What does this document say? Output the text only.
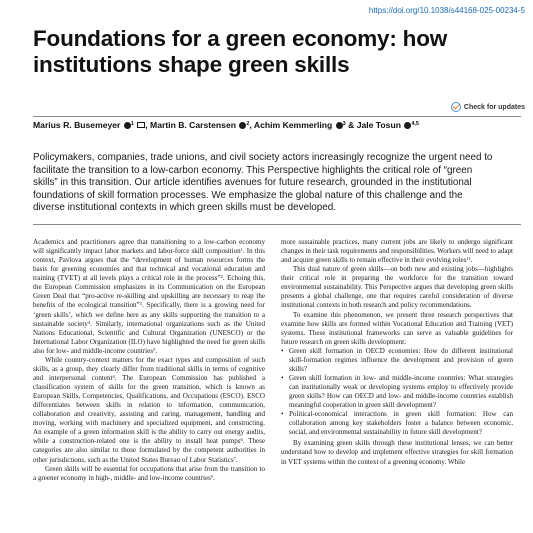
https://doi.org/10.1038/s44168-025-00234-5
Foundations for a green economy: how institutions shape green skills
Check for updates
Marius R. Busemeyer $^1$ , Martin B. Carstensen $^2$, Achim Kemmerling $^3$ & Jale Tosun $^{4,5}$

Policymakers, companies, trade unions, and civil society actors increasingly recognize the urgent need to facilitate the transition to a low-carbon economy. This Perspective highlights the critical role of “green skills” in this transition. Our article identifies avenues for future research, grounded in the institutional foundations of skill formation processes. We emphasize the global nature of this challenge and the diverse institutional contexts in which green skills must be developed.

Academics and practitioners agree that transitioning to a low-carbon economy will significantly impact labor markets and labor-force skill composition$^1$. In this context, Pavlova argues that the “development of human resources forms the basis for greening economies and that technical and vocational education and training (TVET) at all levels plays a critical role in the process”$^2$. Echoing this, the European Commission emphasizes in its Communication on the European Green Deal that “pro-active re-skilling and upskilling are necessary to reap the benefits of the ecological transition”$^3$. Specifically, there is a growing need for ‘green skills’, which we define here as any skills supporting the transition to a sustainable society$^4$. Similarly, international organizations such as the United Nations Educational, Scientific and Cultural Organization (UNESCO) or the International Labor Organization (ILO) have highlighted the need for green skills also for low- and middle-income countries$^5$.

While country-context matters for the exact types and composition of such skills, as a group, they clearly differ from traditional skills in terms of cognitive and interpersonal content$^4$. The European Commission has published a classification system of skills for the green transition, which is known as European Skills, Competencies, Qualifications, and Occupations (ESCO). ESCO differentiates between skills in relation to information, communication, collaboration and creativity, assisting and caring, management, handling and moving, working with machinery and specialized equipment, and constructing. An example of a green information skill is the ability to carry out energy audits, while a construction-related one is the ability to install heat pumps$^6$. These categories are also similar to those formulated by the competent authorities in other jurisdictions, such as the United States Bureau of Labor Statistics$^7$.

Green skills will be essential for occupations that arise from the transition to a greener economy in high-, middle- and low-income countries$^5$.

more sustainable practices, many current jobs are likely to undergo significant changes in their task requirements and responsibilities. Workers will need to adapt and acquire green skills to remain effective in their evolving roles$^{11}$.

This dual nature of green skills—on both new and existing jobs—highlights their critical role in preparing the workforce for the transition toward environmental sustainability. This Perspective argues that developing green skills presents a global challenge, one that requires careful consideration of diverse institutional contexts in both research and policy recommendations.

To examine this phenomenon, we present three research perspectives that examine how skills are formed within Vocational Education and Training (VET) systems. These institutional frameworks can serve as valuable guidelines for future research on green skills development:

• Green skill formation in OECD economies: How do different institutional skill-formation regimes influence the development and provision of green skills?
• Green skill formation in low- and middle-income countries: What strategies can institutionally weak or developing systems employ to effectively provide green skills? How can OECD and low- and middle-income countries establish meaningful cooperation in green skill development?
• Political-economical interactions in green skill formation: How can collaboration among key stakeholders foster a balance between economic, social, and environmental sustainability in future skill development?

By examining green skills through these institutional lenses, we can better understand how to develop and implement effective strategies for skill formation in VET systems within the context of a greening economy. While
